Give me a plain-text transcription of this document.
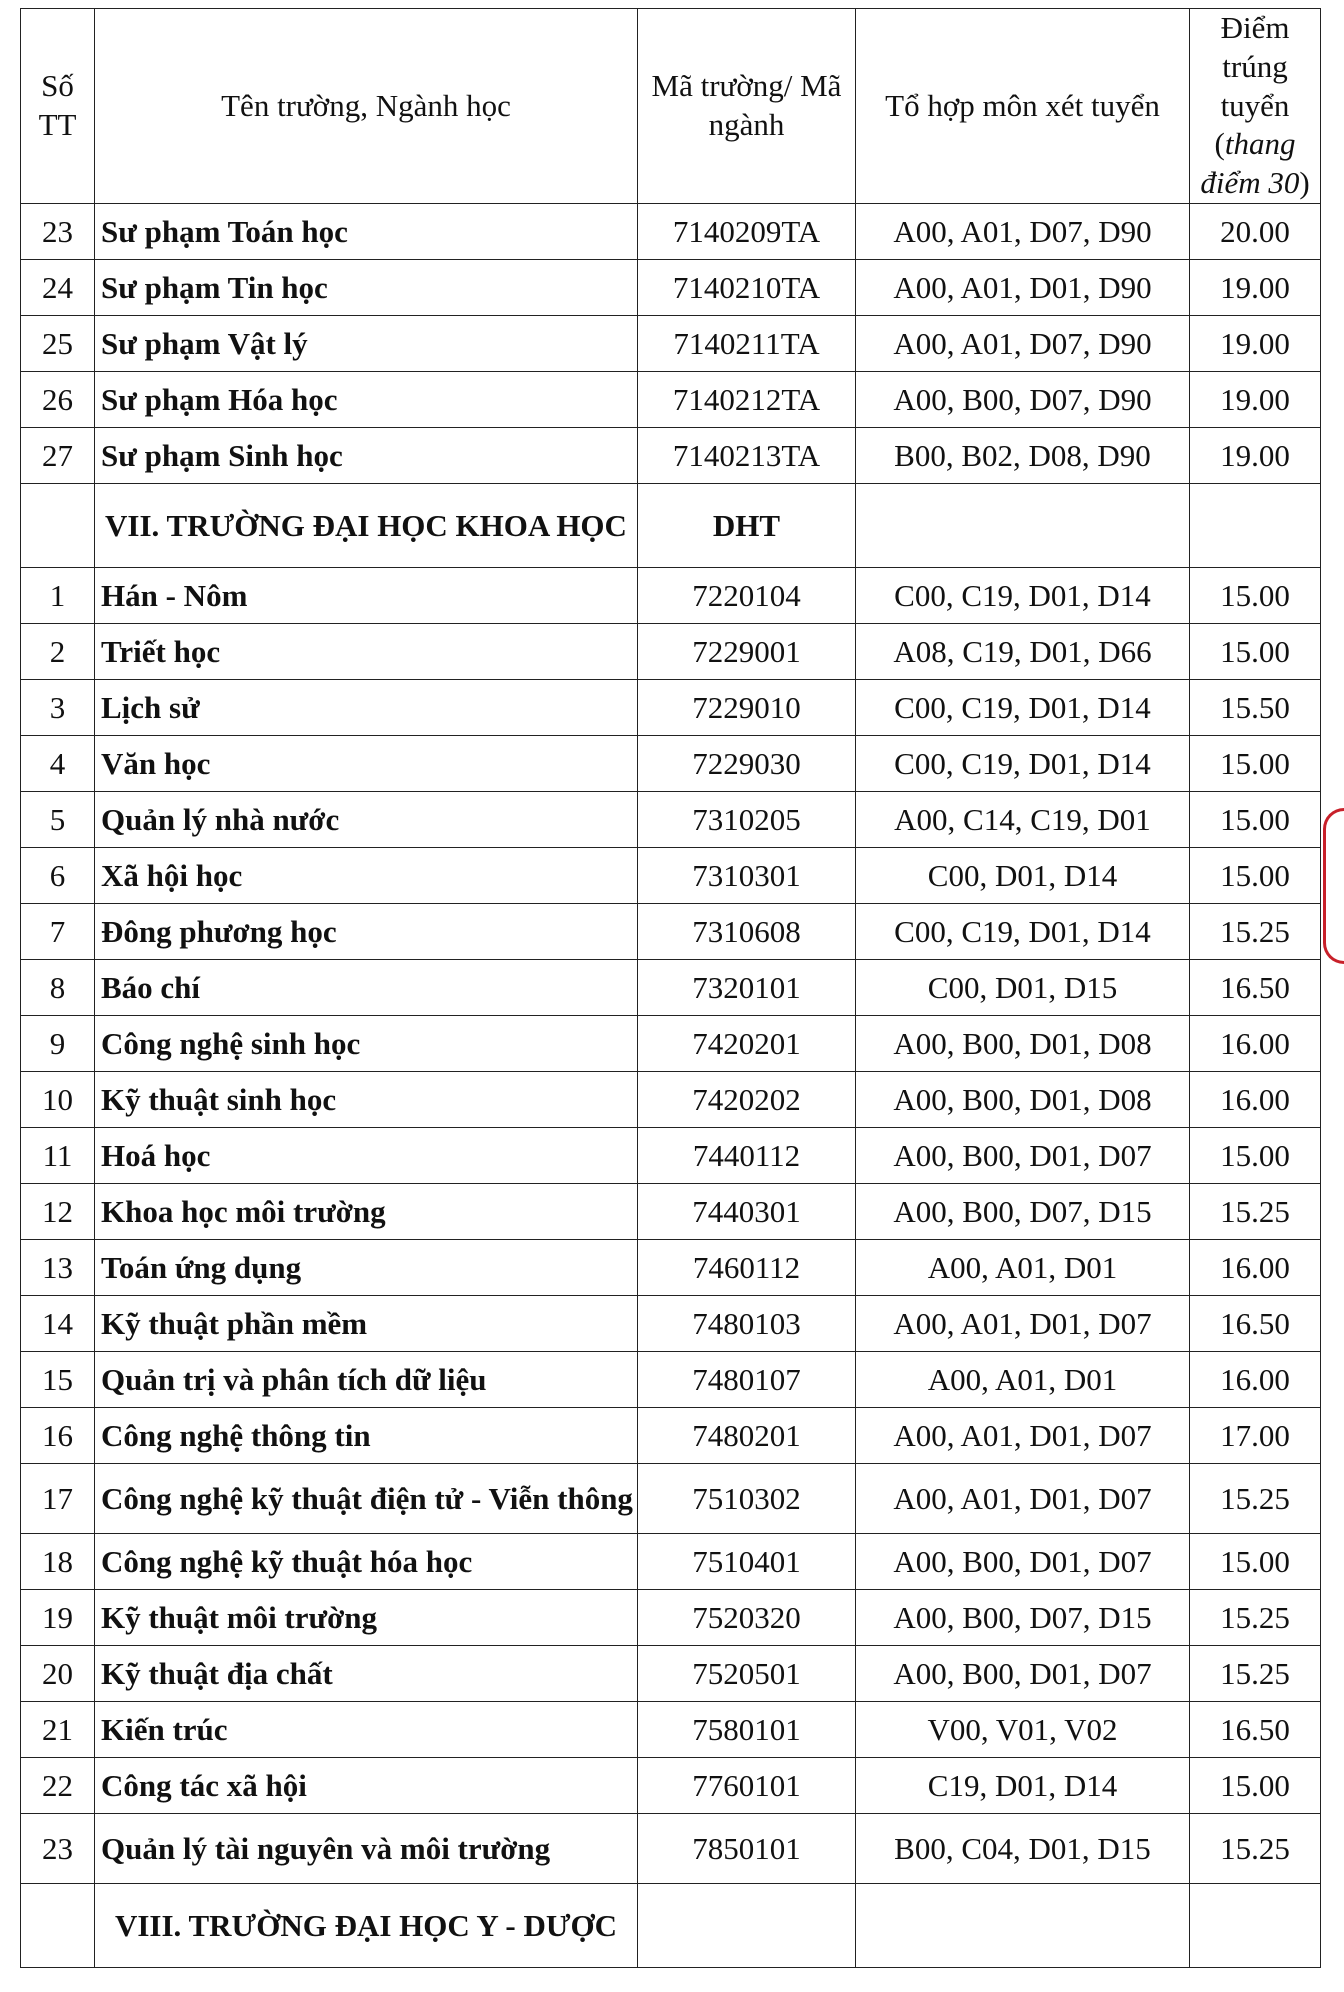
Số TT	Tên trường, Ngành học	Mã trường/ Mã ngành	Tổ hợp môn xét tuyển	Điểm trúng tuyển (thang điểm 30)
23	Sư phạm Toán học	7140209TA	A00, A01, D07, D90	20.00
24	Sư phạm Tin học	7140210TA	A00, A01, D01, D90	19.00
25	Sư phạm Vật lý	7140211TA	A00, A01, D07, D90	19.00
26	Sư phạm Hóa học	7140212TA	A00, B00, D07, D90	19.00
27	Sư phạm Sinh học	7140213TA	B00, B02, D08, D90	19.00
	VII. TRƯỜNG ĐẠI HỌC KHOA HỌC	DHT		
1	Hán - Nôm	7220104	C00, C19, D01, D14	15.00
2	Triết học	7229001	A08, C19, D01, D66	15.00
3	Lịch sử	7229010	C00, C19, D01, D14	15.50
4	Văn học	7229030	C00, C19, D01, D14	15.00
5	Quản lý nhà nước	7310205	A00, C14, C19, D01	15.00
6	Xã hội học	7310301	C00, D01, D14	15.00
7	Đông phương học	7310608	C00, C19, D01, D14	15.25
8	Báo chí	7320101	C00, D01, D15	16.50
9	Công nghệ sinh học	7420201	A00, B00, D01, D08	16.00
10	Kỹ thuật sinh học	7420202	A00, B00, D01, D08	16.00
11	Hoá học	7440112	A00, B00, D01, D07	15.00
12	Khoa học môi trường	7440301	A00, B00, D07, D15	15.25
13	Toán ứng dụng	7460112	A00, A01, D01	16.00
14	Kỹ thuật phần mềm	7480103	A00, A01, D01, D07	16.50
15	Quản trị và phân tích dữ liệu	7480107	A00, A01, D01	16.00
16	Công nghệ thông tin	7480201	A00, A01, D01, D07	17.00
17	Công nghệ kỹ thuật điện tử - Viễn thông	7510302	A00, A01, D01, D07	15.25
18	Công nghệ kỹ thuật hóa học	7510401	A00, B00, D01, D07	15.00
19	Kỹ thuật môi trường	7520320	A00, B00, D07, D15	15.25
20	Kỹ thuật địa chất	7520501	A00, B00, D01, D07	15.25
21	Kiến trúc	7580101	V00, V01, V02	16.50
22	Công tác xã hội	7760101	C19, D01, D14	15.00
23	Quản lý tài nguyên và môi trường	7850101	B00, C04, D01, D15	15.25
	VIII. TRƯỜNG ĐẠI HỌC Y - DƯỢC			
